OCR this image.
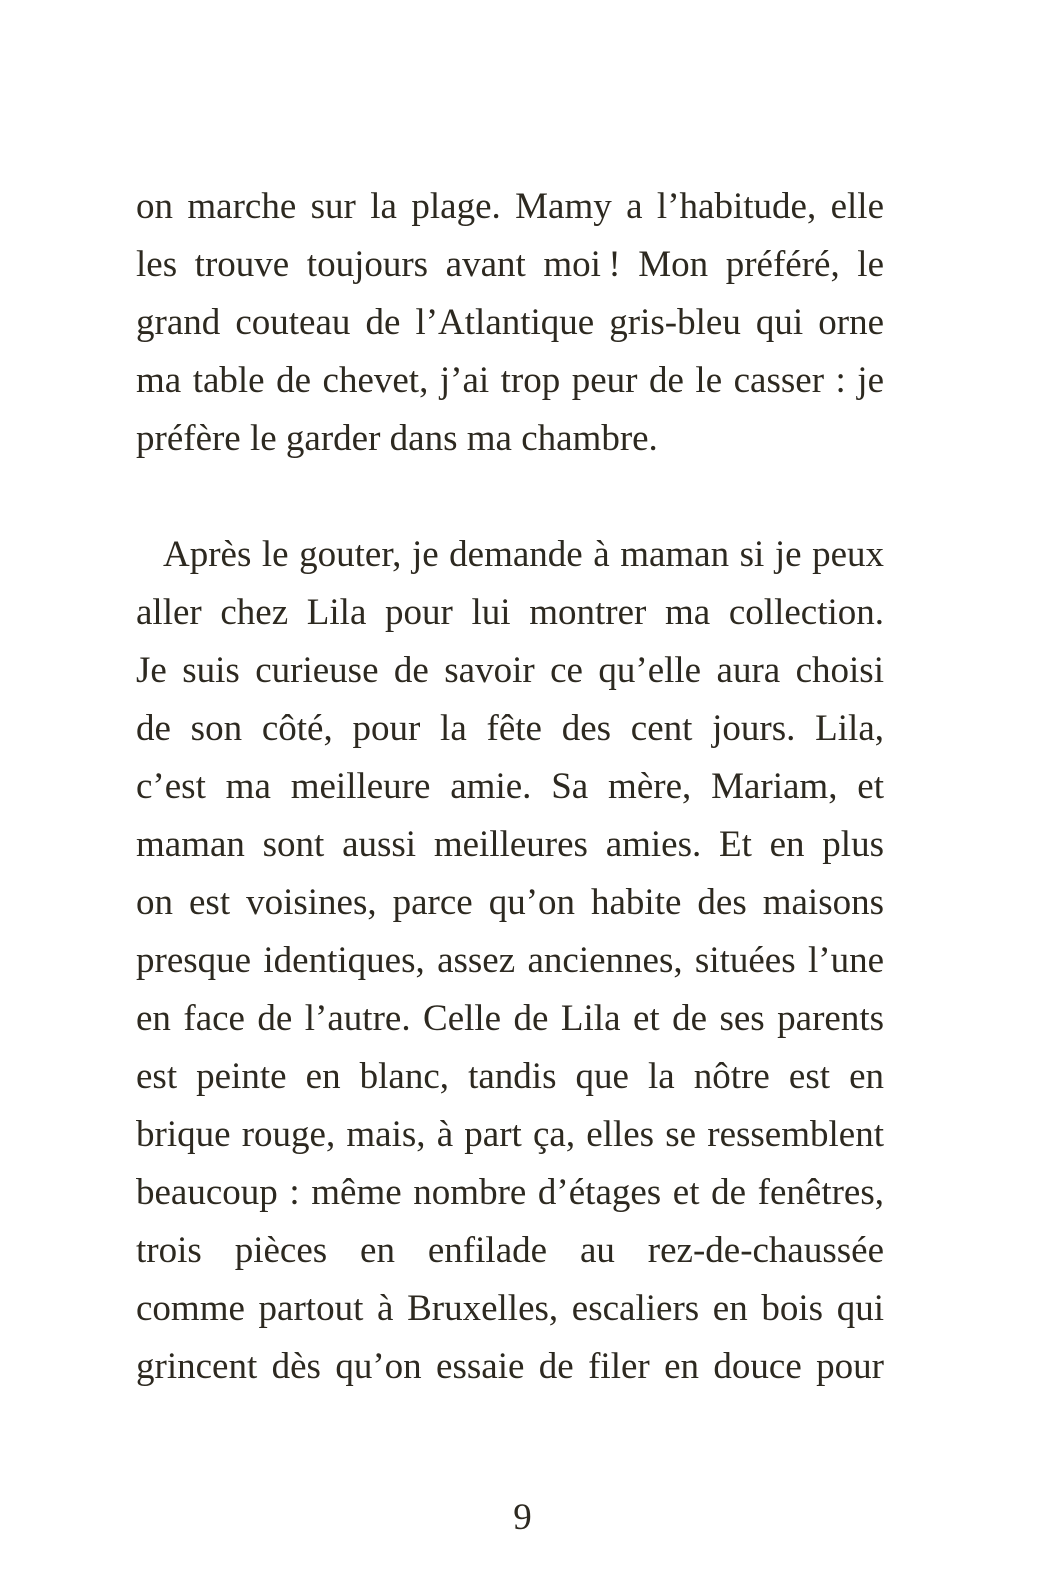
on marche sur la plage. Mamy a l’habitude, elle
les trouve toujours avant moi ! Mon préféré, le
grand couteau de l’Atlantique gris-bleu qui orne
ma table de chevet, j’ai trop peur de le casser : je
préfère le garder dans ma chambre.
Après le gouter, je demande à maman si je peux
aller chez Lila pour lui montrer ma collection.
Je suis curieuse de savoir ce qu’elle aura choisi
de son côté, pour la fête des cent jours. Lila,
c’est ma meilleure amie. Sa mère, Mariam, et
maman sont aussi meilleures amies. Et en plus
on est voisines, parce qu’on habite des maisons
presque identiques, assez anciennes, situées l’une
en face de l’autre. Celle de Lila et de ses parents
est peinte en blanc, tandis que la nôtre est en
brique rouge, mais, à part ça, elles se ressemblent
beaucoup : même nombre d’étages et de fenêtres,
trois pièces en enfilade au rez-de-chaussée
comme partout à Bruxelles, escaliers en bois qui
grincent dès qu’on essaie de filer en douce pour
9
